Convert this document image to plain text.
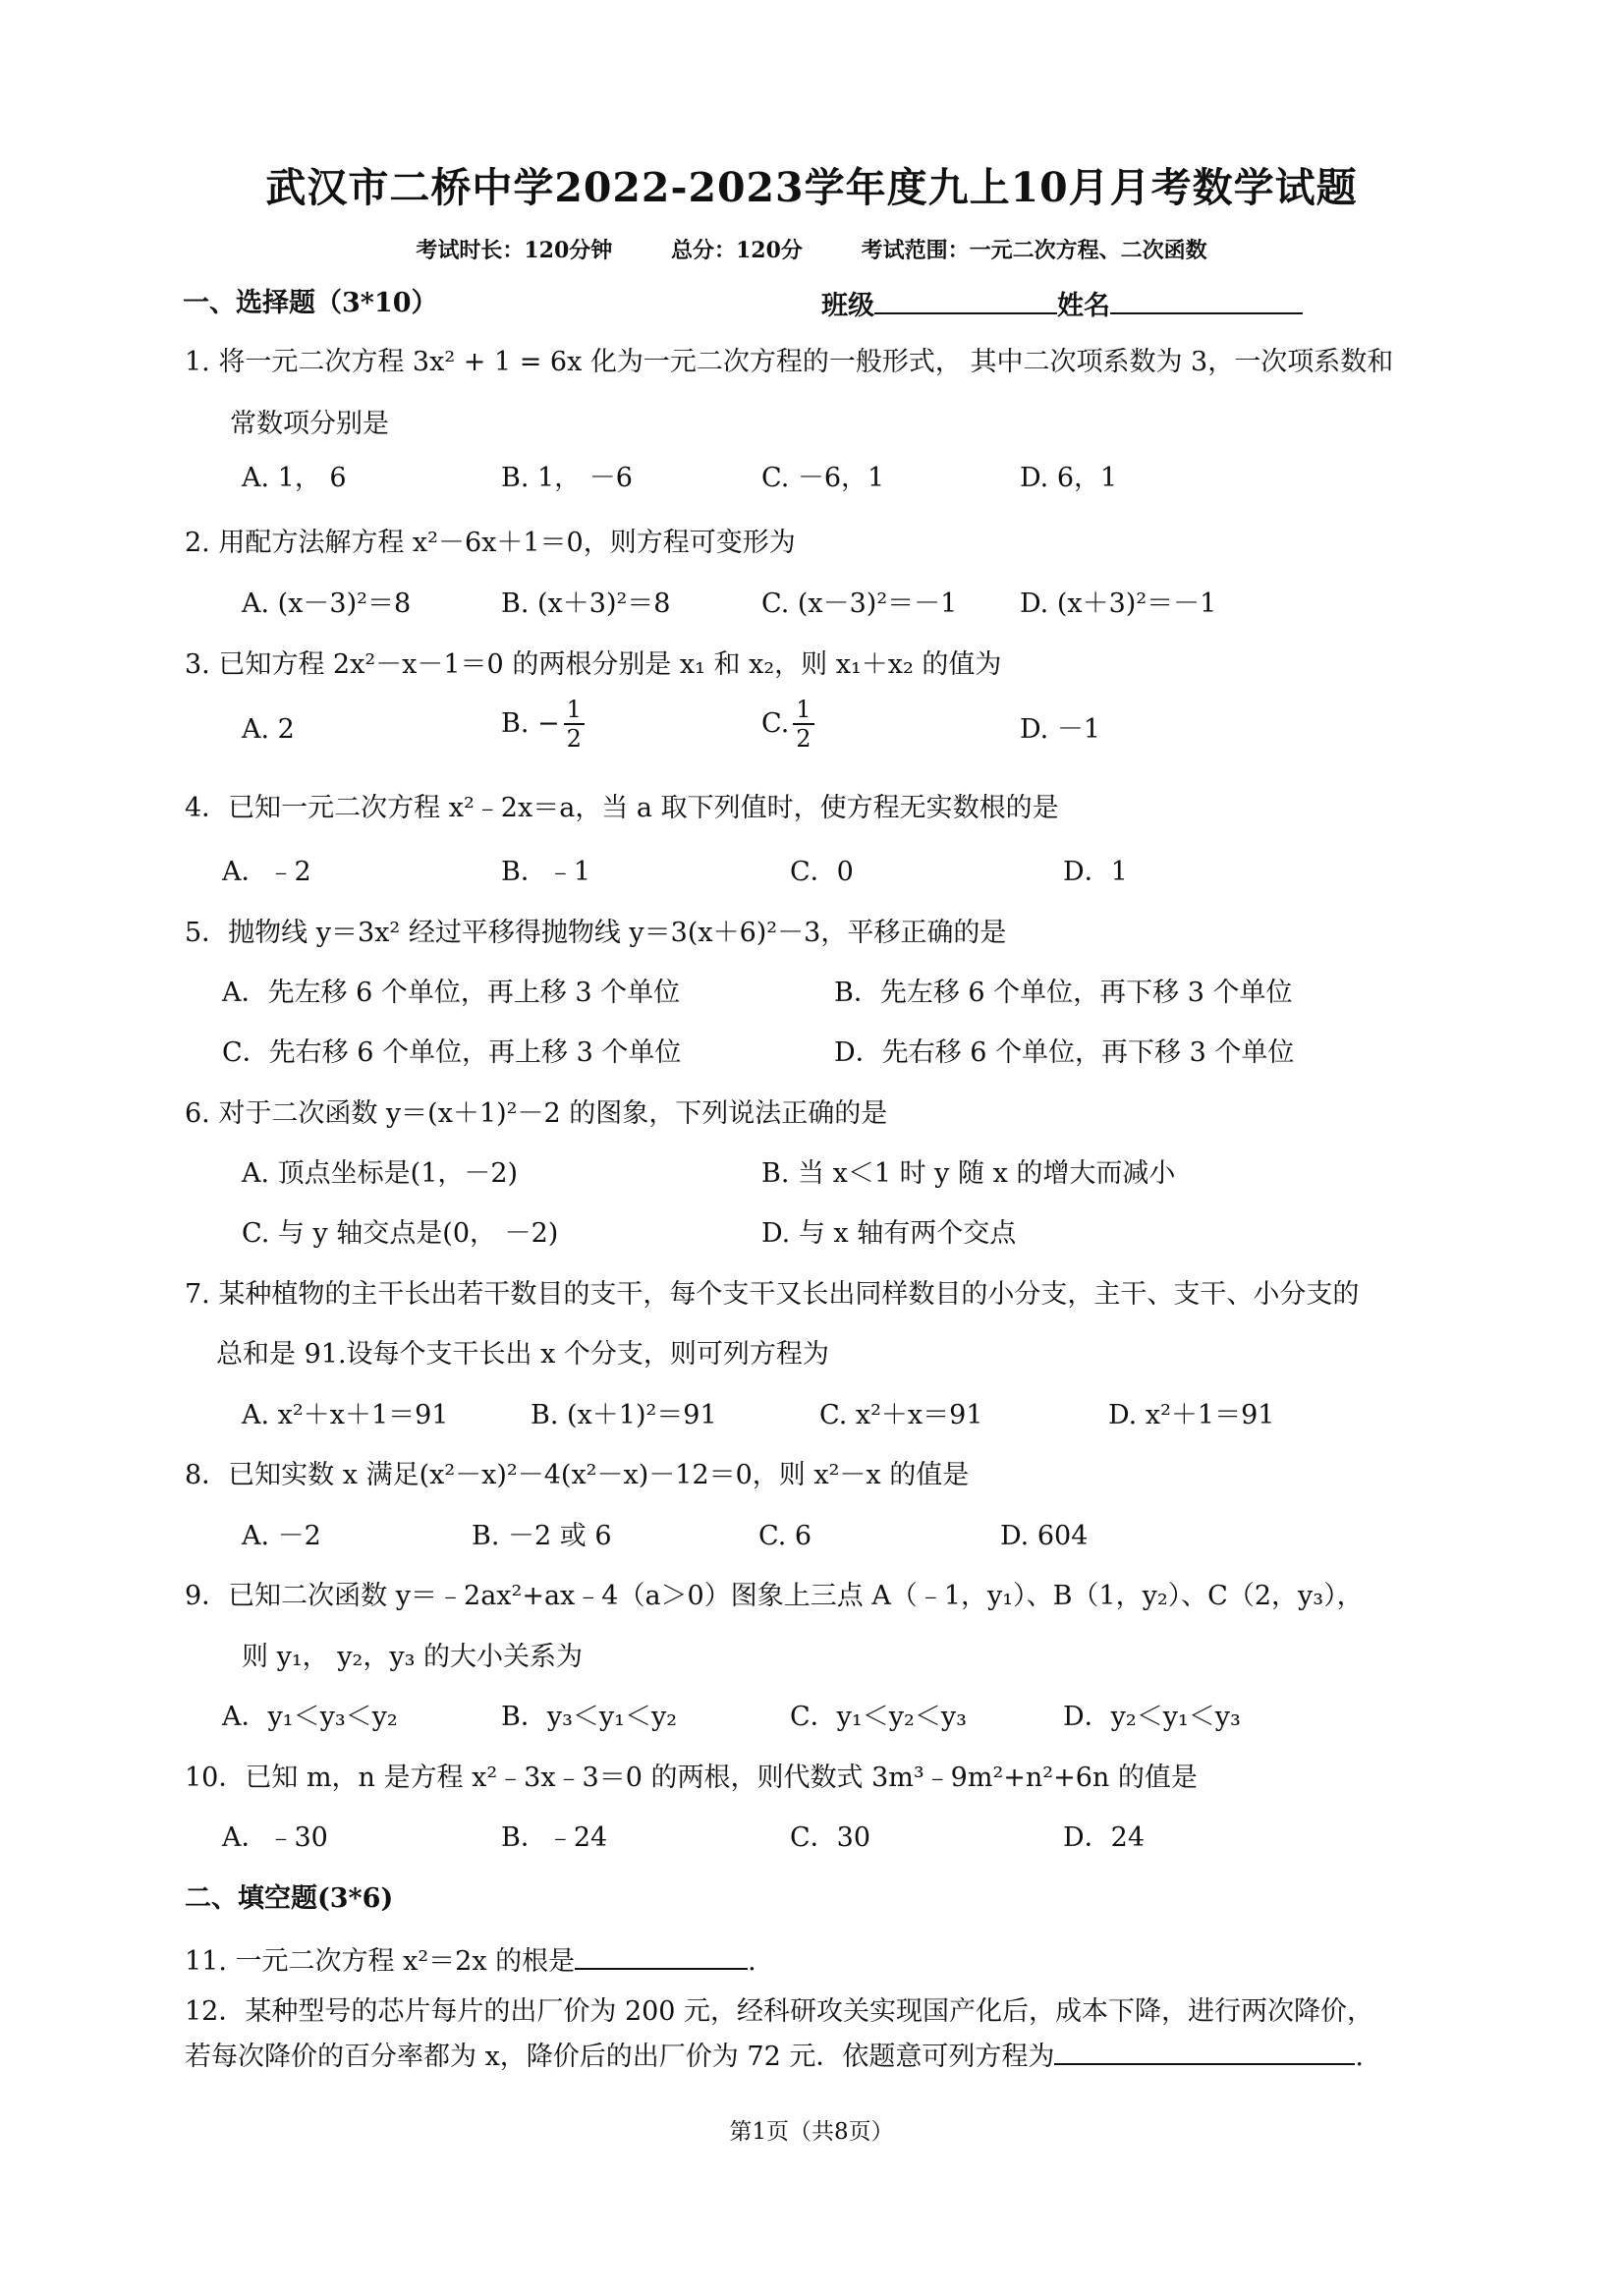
武汉市二桥中学2022-2023学年度九上10月月考数学试题
考试时长：120分钟	总分：120分	考试范围：一元二次方程、二次函数
一、选择题（3*10）	班级	姓名
1. 将一元二次方程 3x² + 1 = 6x 化为一元二次方程的一般形式， 其中二次项系数为 3，一次项系数和
常数项分别是
A. 1， 6	B. 1， －6	C. －6，1	D. 6，1
2. 用配方法解方程 x²－6x＋1＝0，则方程可变形为
A. (x－3)²＝8	B. (x＋3)²＝8	C. (x－3)²＝－1 D. (x＋3)²＝－1
3. 已知方程 2x²－x－1＝0 的两根分别是 x₁ 和 x₂，则 x₁＋x₂ 的值为
A. 2	B. − $\frac{1}{2}$	C. $\frac{1}{2}$	D. －1
4．已知一元二次方程 x²﹣2x＝a，当 a 取下列值时，使方程无实数根的是
A．﹣2	B．﹣1	C．0	D．1
5．抛物线 y＝3x² 经过平移得抛物线 y＝3(x＋6)²－3，平移正确的是
A．先左移 6 个单位，再上移 3 个单位	B．先左移 6 个单位，再下移 3 个单位
C．先右移 6 个单位，再上移 3 个单位	D．先右移 6 个单位，再下移 3 个单位
6. 对于二次函数 y＝(x＋1)²－2 的图象，下列说法正确的是
A. 顶点坐标是(1，－2)	B. 当 x＜1 时 y 随 x 的增大而减小
C. 与 y 轴交点是(0， －2)	D. 与 x 轴有两个交点
7. 某种植物的主干长出若干数目的支干，每个支干又长出同样数目的小分支，主干、支干、小分支的
总和是 91.设每个支干长出 x 个分支，则可列方程为
A. x²＋x＋1＝91	B. (x＋1)²＝91	C. x²＋x＝91	D. x²＋1＝91
8．已知实数 x 满足(x²－x)²－4(x²－x)－12＝0，则 x²－x 的值是
A. －2	B. －2 或 6	C. 6	D. 604
9．已知二次函数 y＝﹣2ax²+ax﹣4（a＞0）图象上三点 A（﹣1，y₁）、B（1，y₂）、C（2，y₃），
则 y₁， y₂，y₃ 的大小关系为
A．y₁＜y₃＜y₂	B．y₃＜y₁＜y₂	C．y₁＜y₂＜y₃	D．y₂＜y₁＜y₃
10．已知 m，n 是方程 x²﹣3x﹣3＝0 的两根，则代数式 3m³﹣9m²+n²+6n 的值是
A．﹣30	B．﹣24	C．30	D．24
二、填空题(3*6)
11. 一元二次方程 x²＝2x 的根是	.
12．某种型号的芯片每片的出厂价为 200 元，经科研攻关实现国产化后，成本下降，进行两次降价，
若每次降价的百分率都为 x，降价后的出厂价为 72 元．依题意可列方程为	.
第1页（共8页）
